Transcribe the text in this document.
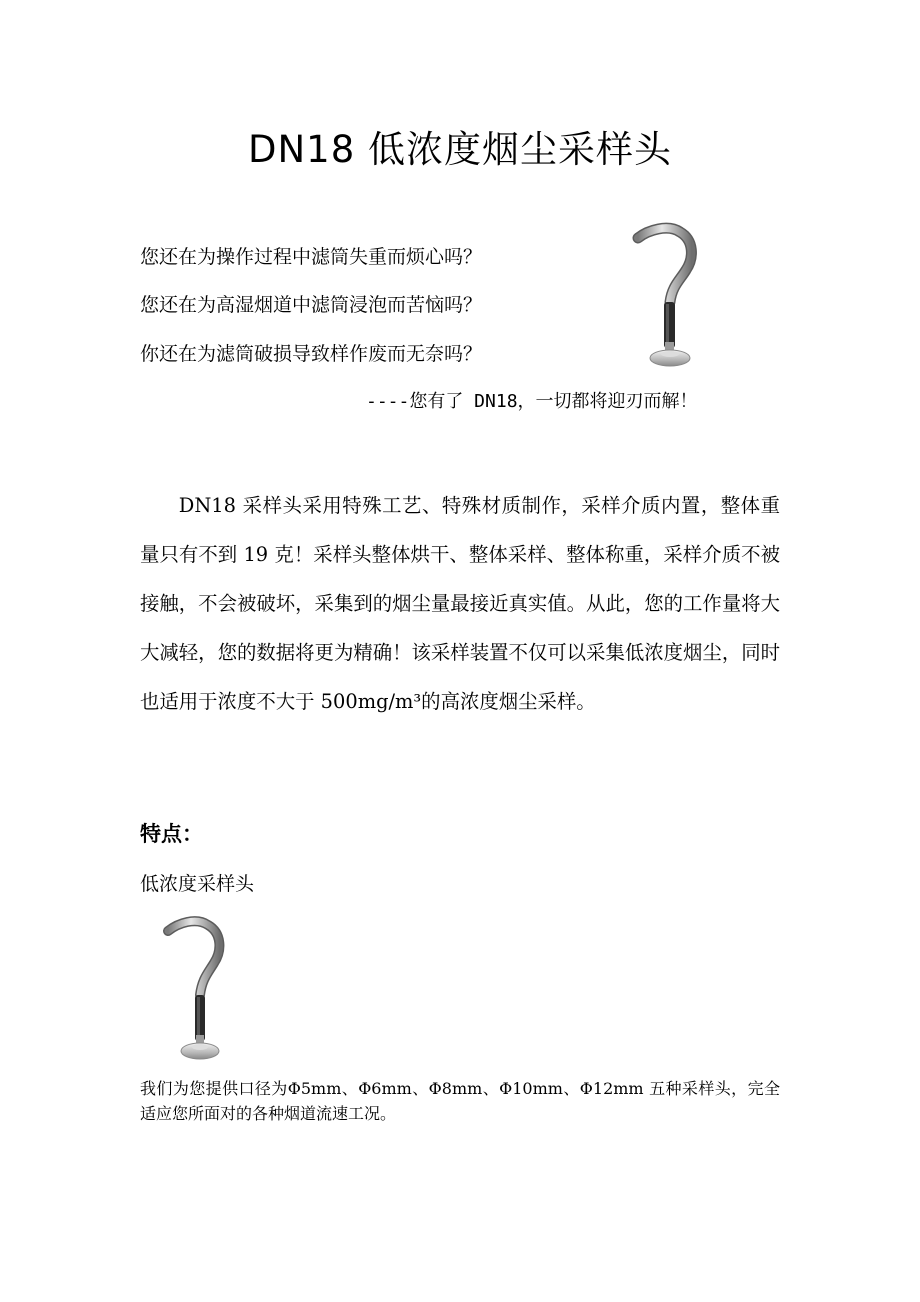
DN18 低浓度烟尘采样头
您还在为操作过程中滤筒失重而烦心吗？
您还在为高湿烟道中滤筒浸泡而苦恼吗？
你还在为滤筒破损导致样作废而无奈吗？
----您有了 DN18，一切都将迎刃而解！
DN18 采样头采用特殊工艺、特殊材质制作，采样介质内置，整体重量只有不到 19 克！采样头整体烘干、整体采样、整体称重，采样介质不被接触，不会被破坏，采集到的烟尘量最接近真实值。从此，您的工作量将大大减轻，您的数据将更为精确！该采样装置不仅可以采集低浓度烟尘，同时也适用于浓度不大于 500mg/m³的高浓度烟尘采样。
特点：
低浓度采样头
我们为您提供口径为Φ5mm、Φ6mm、Φ8mm、Φ10mm、Φ12mm 五种采样头，完全适应您所面对的各种烟道流速工况。
